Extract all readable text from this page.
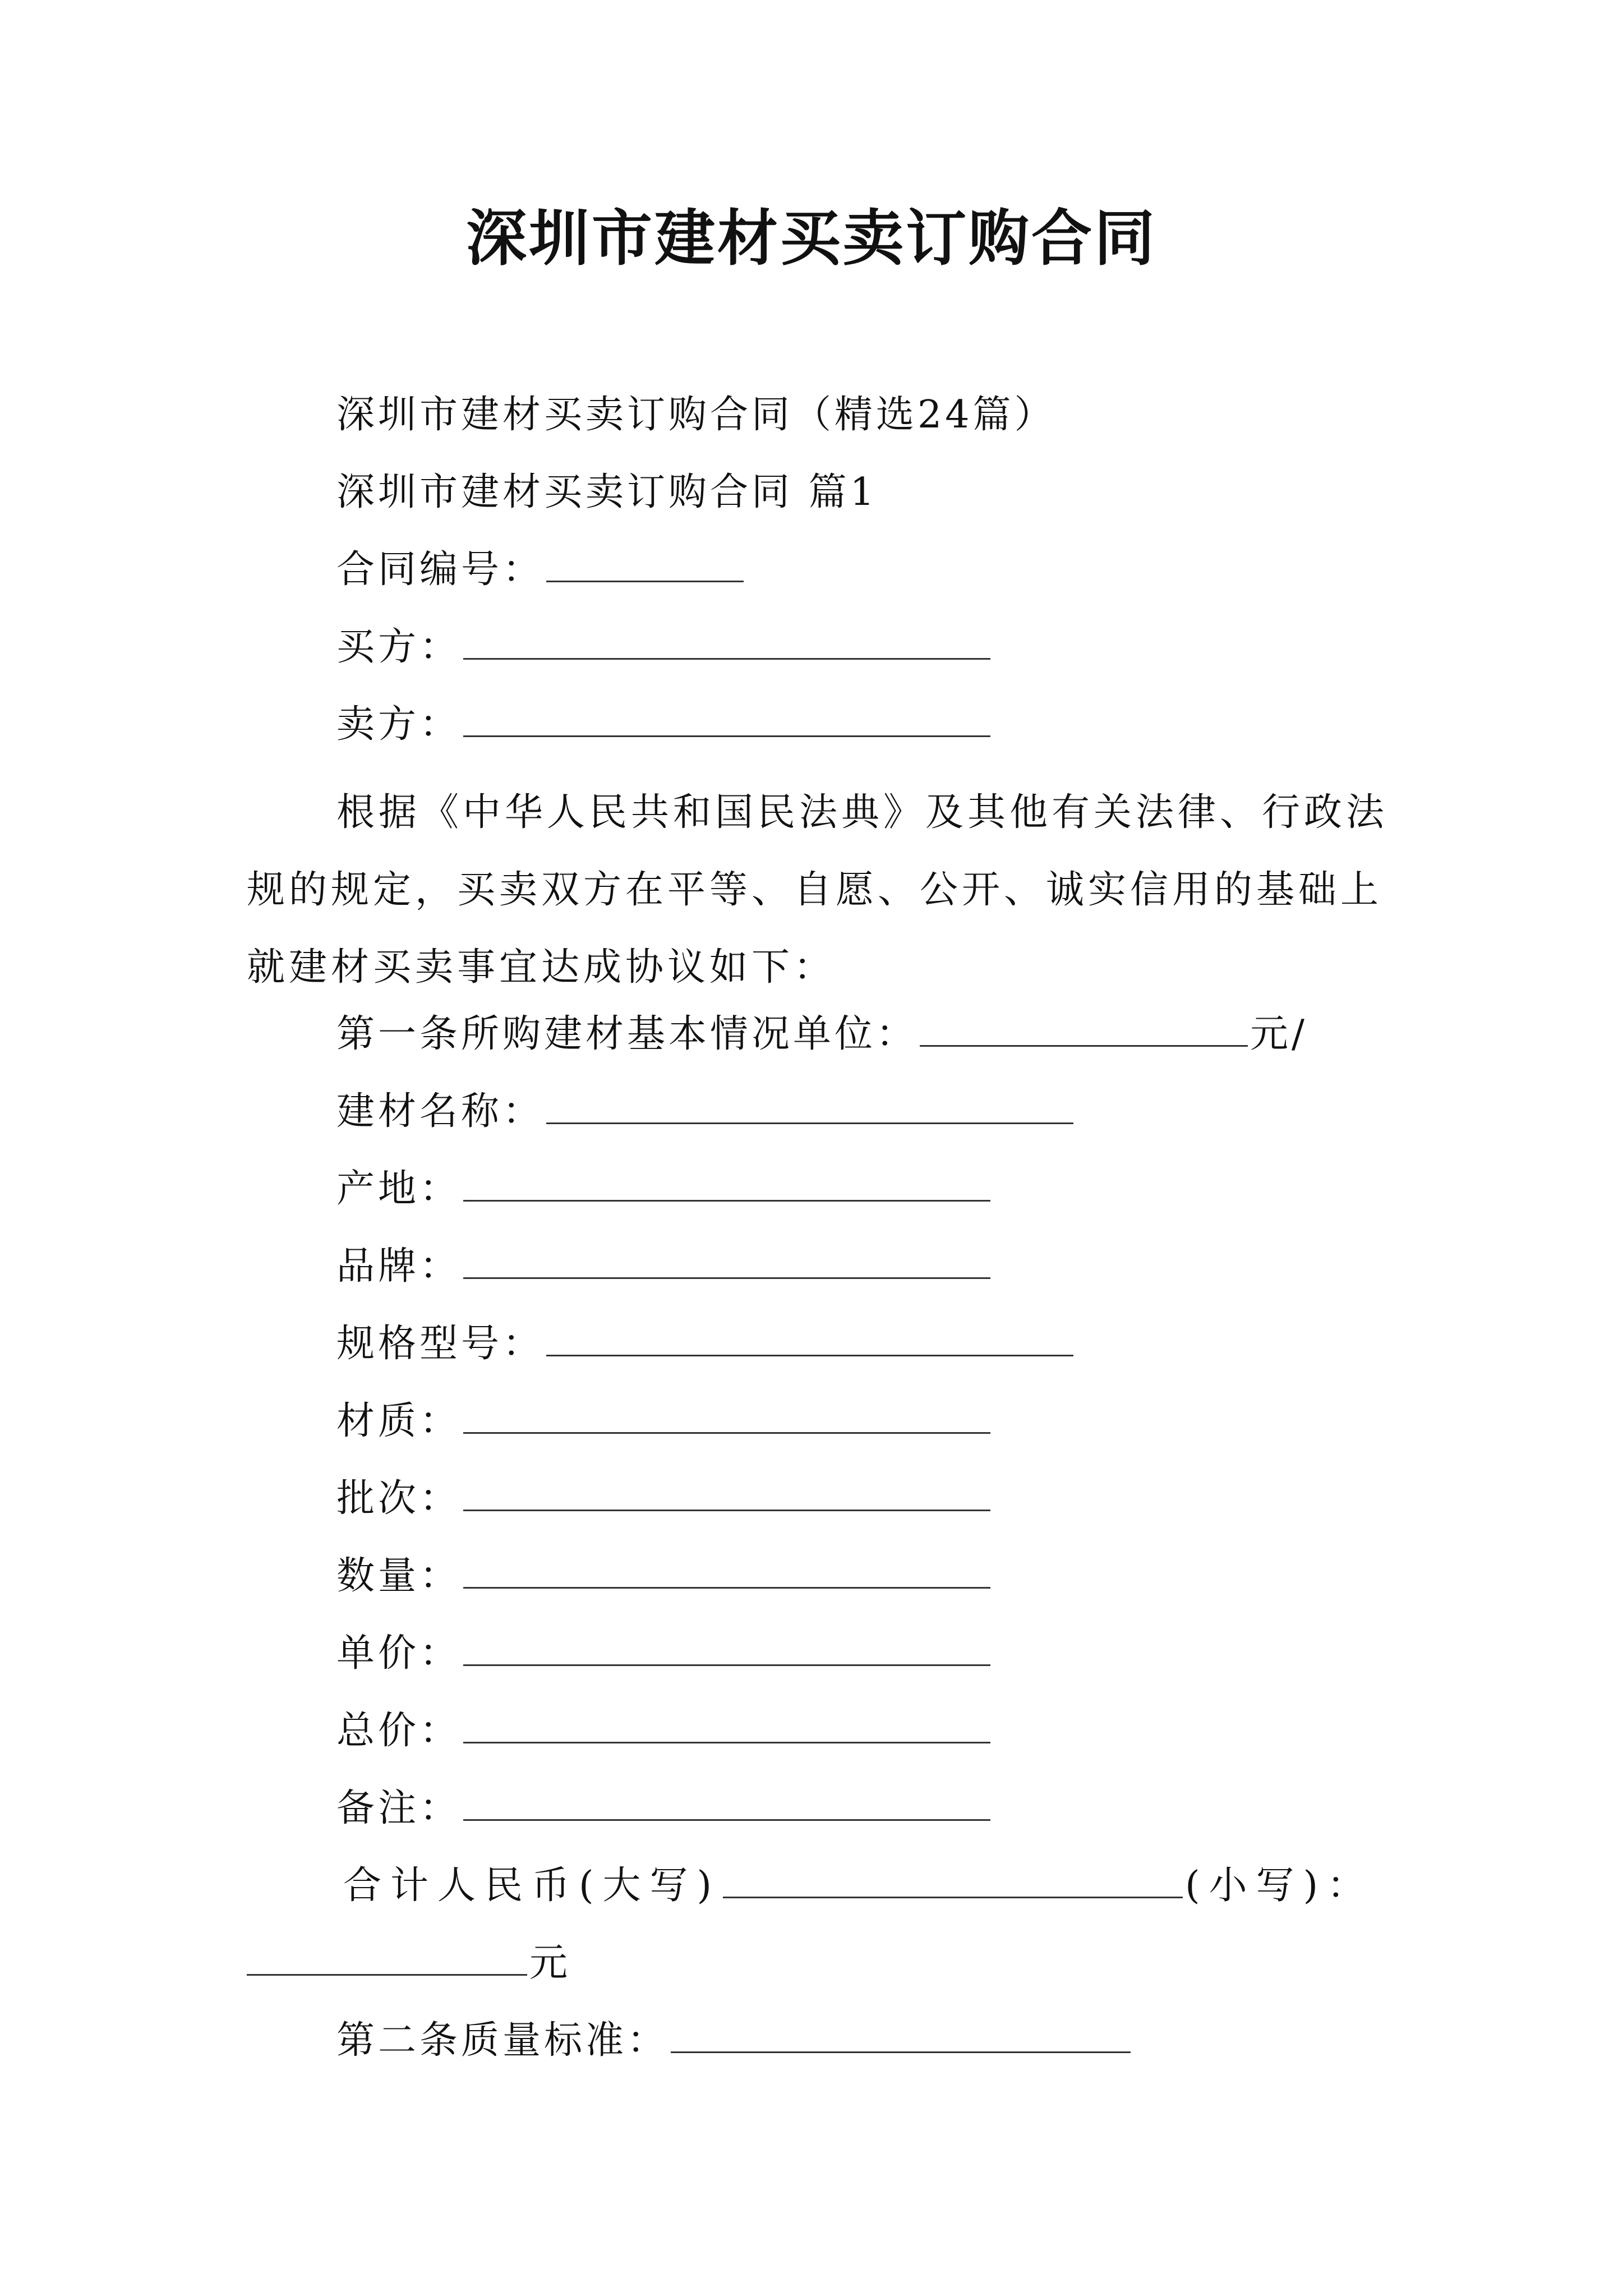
深圳市建材买卖订购合同

深圳市建材买卖订购合同（精选24篇）

深圳市建材买卖订购合同 篇1

合同编号：

买方：

卖方：

根据《中华人民共和国民法典》及其他有关法律、行政法规的规定，买卖双方在平等、自愿、公开、诚实信用的基础上就建材买卖事宜达成协议如下：

第一条所购建材基本情况单位：	元/

建材名称：

产地：

品牌：

规格型号：

材质：

批次：

数量：

单价：

总价：

备注：

合计人民币(大写)	(小写)：

元

第二条质量标准：
